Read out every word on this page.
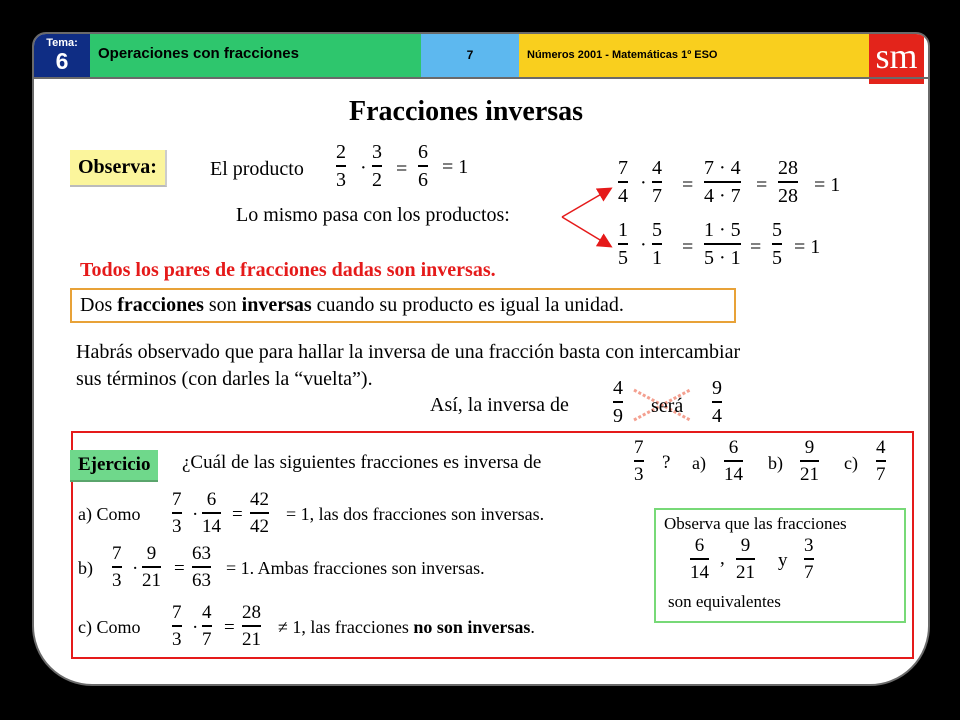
Tema:
6	Operaciones con fracciones	7	Números 2001 - Matemáticas 1º ESO	sm
Fracciones inversas
Observa:	El producto
2
3
·
3
2 =
6
6
= 1
Lo mismo pasa con los productos:
7
4
·
4
7 =
7 · 4
4 · 7 =
28
28 = 1
1
5
·
5
1 =
1 · 5
5 · 1 =
5
5 = 1
Todos los pares de fracciones dadas son inversas.
Dos fracciones son inversas cuando su producto es igual la unidad.
Habrás observado que para hallar la inversa de una fracción basta con intercambiar
sus términos (con darles la “vuelta”).
Así, la inversa de
4
9 será
9
4
Ejercicio	¿Cuál de las siguientes fracciones es inversa de
7
3
? a)
6
14
b)
9
21
c)
4
7
a) Como
7
3
·
6
14
=
42
42
= 1, las dos fracciones son inversas.
b)
7
3
·
9
21
=
63
63
= 1. Ambas fracciones son inversas.
c) Como
7
3
·
4
7
=
28
21
≠ 1, las fracciones no son inversas.
Observa que las fracciones
6
14
,
9
21
y
3
7
son equivalentes
